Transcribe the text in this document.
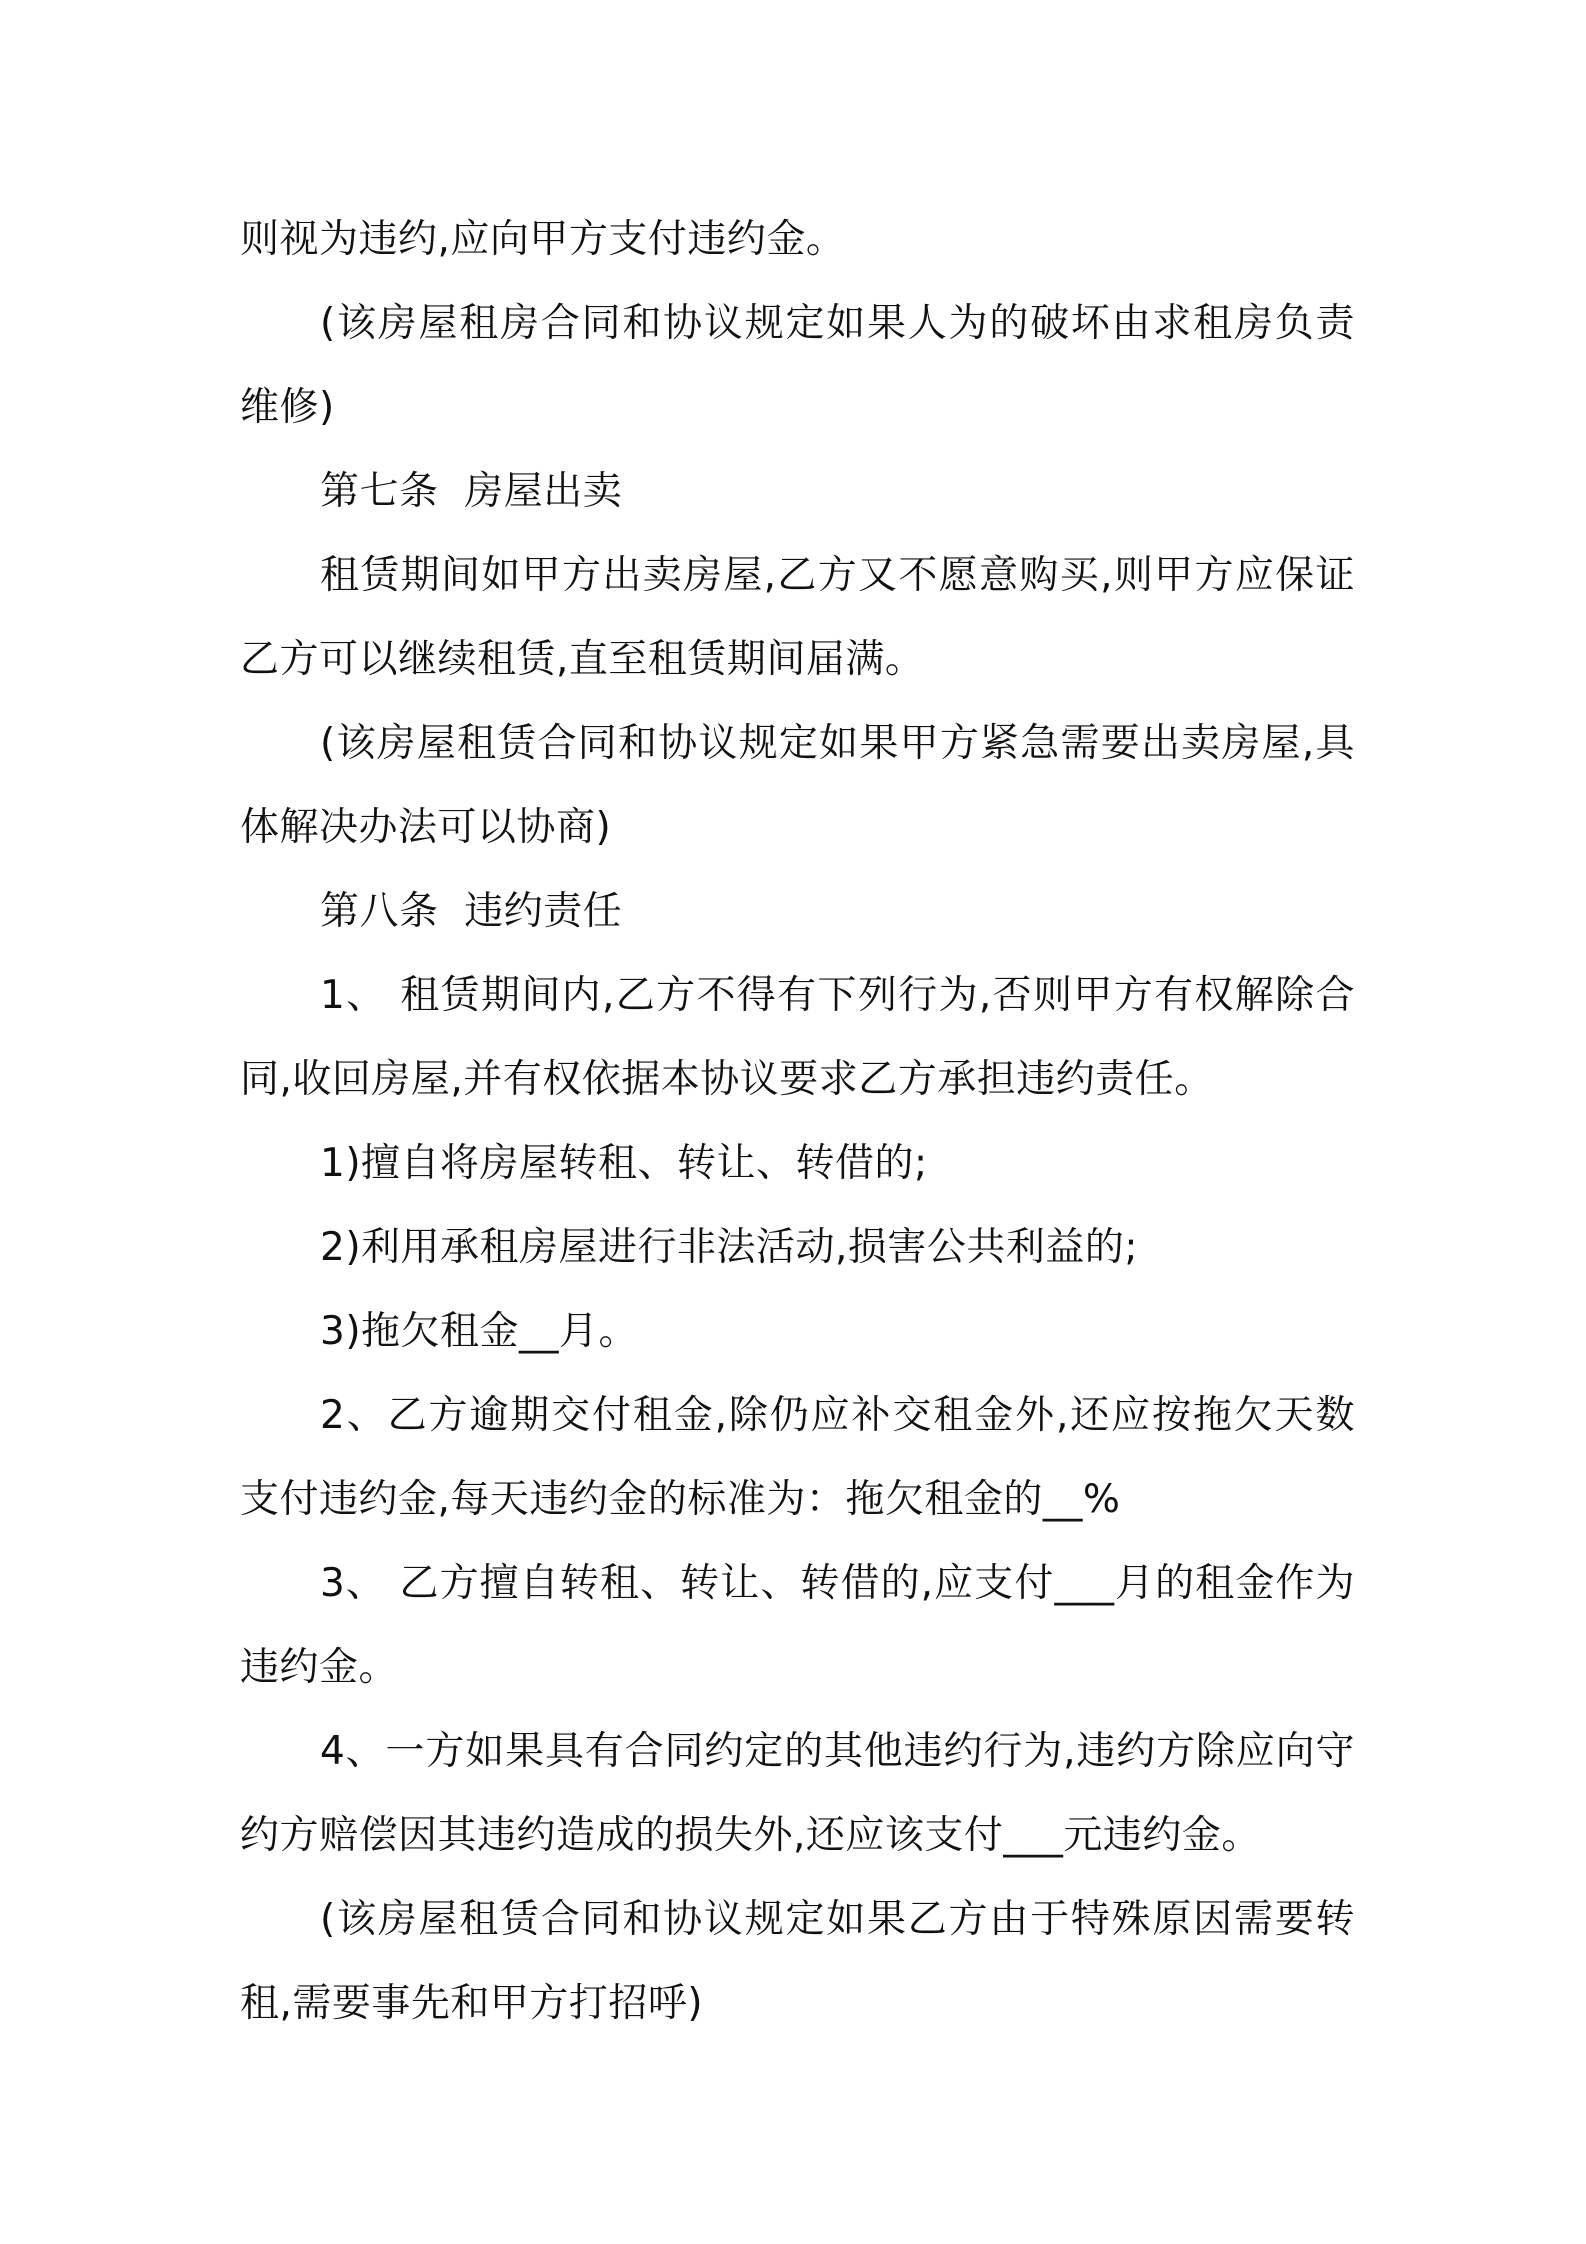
则视为违约,应向甲方支付违约金。

(该房屋租房合同和协议规定如果人为的破坏由求租房负责维修)

第七条  房屋出卖

租赁期间如甲方出卖房屋,乙方又不愿意购买,则甲方应保证乙方可以继续租赁,直至租赁期间届满。

(该房屋租赁合同和协议规定如果甲方紧急需要出卖房屋,具体解决办法可以协商)

第八条  违约责任

1、 租赁期间内,乙方不得有下列行为,否则甲方有权解除合同,收回房屋,并有权依据本协议要求乙方承担违约责任。

1)擅自将房屋转租、转让、转借的;

2)利用承租房屋进行非法活动,损害公共利益的;

3)拖欠租金__月。

2、乙方逾期交付租金,除仍应补交租金外,还应按拖欠天数支付违约金,每天违约金的标准为：拖欠租金的__%

3、 乙方擅自转租、转让、转借的,应支付___月的租金作为违约金。

4、一方如果具有合同约定的其他违约行为,违约方除应向守约方赔偿因其违约造成的损失外,还应该支付___元违约金。

(该房屋租赁合同和协议规定如果乙方由于特殊原因需要转租,需要事先和甲方打招呼)
